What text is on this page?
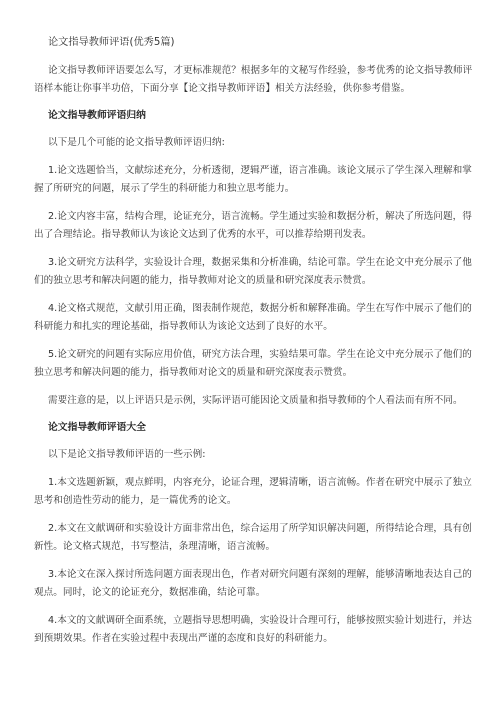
论文指导教师评语(优秀5篇)

论文指导教师评语要怎么写，才更标准规范？根据多年的文秘写作经验，参考优秀的论文指导教师评语样本能让你事半功倍，下面分享【论文指导教师评语】相关方法经验，供你参考借鉴。

论文指导教师评语归纳

以下是几个可能的论文指导教师评语归纳:

1.论文选题恰当，文献综述充分，分析透彻，逻辑严谨，语言准确。该论文展示了学生深入理解和掌握了所研究的问题，展示了学生的科研能力和独立思考能力。

2.论文内容丰富，结构合理，论证充分，语言流畅。学生通过实验和数据分析，解决了所选问题，得出了合理结论。指导教师认为该论文达到了优秀的水平，可以推荐给期刊发表。

3.论文研究方法科学，实验设计合理，数据采集和分析准确，结论可靠。学生在论文中充分展示了他们的独立思考和解决问题的能力，指导教师对论文的质量和研究深度表示赞赏。

4.论文格式规范，文献引用正确，图表制作规范，数据分析和解释准确。学生在写作中展示了他们的科研能力和扎实的理论基础，指导教师认为该论文达到了良好的水平。

5.论文研究的问题有实际应用价值，研究方法合理，实验结果可靠。学生在论文中充分展示了他们的独立思考和解决问题的能力，指导教师对论文的质量和研究深度表示赞赏。

需要注意的是，以上评语只是示例，实际评语可能因论文质量和指导教师的个人看法而有所不同。

论文指导教师评语大全

以下是论文指导教师评语的一些示例:

1.本文选题新颖，观点鲜明，内容充分，论证合理，逻辑清晰，语言流畅。作者在研究中展示了独立思考和创造性劳动的能力，是一篇优秀的论文。

2.本文在文献调研和实验设计方面非常出色，综合运用了所学知识解决问题，所得结论合理，具有创新性。论文格式规范，书写整洁，条理清晰，语言流畅。

3.本论文在深入探讨所选问题方面表现出色，作者对研究问题有深刻的理解，能够清晰地表达自己的观点。同时，论文的论证充分，数据准确，结论可靠。

4.本文的文献调研全面系统，立题指导思想明确，实验设计合理可行，能够按照实验计划进行，并达到预期效果。作者在实验过程中表现出严谨的态度和良好的科研能力。
